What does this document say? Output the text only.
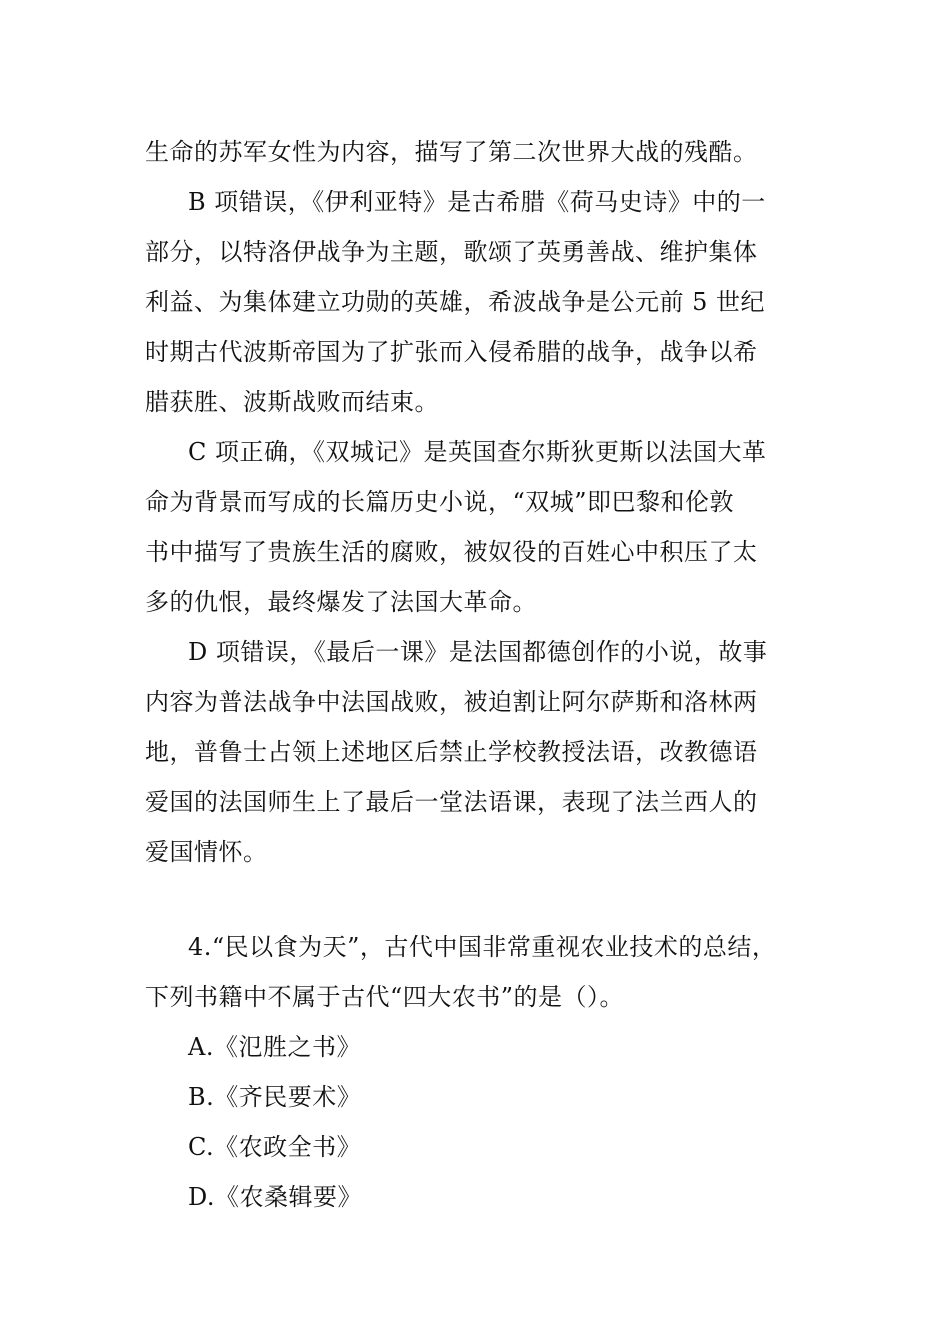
生命的苏军女性为内容，描写了第二次世界大战的残酷。
B 项错误，《伊利亚特》是古希腊《荷马史诗》中的一
部分，以特洛伊战争为主题，歌颂了英勇善战、维护集体
利益、为集体建立功勋的英雄，希波战争是公元前 5 世纪
时期古代波斯帝国为了扩张而入侵希腊的战争，战争以希
腊获胜、波斯战败而结束。
C 项正确，《双城记》是英国查尔斯狄更斯以法国大革
命为背景而写成的长篇历史小说，“双城”即巴黎和伦敦
书中描写了贵族生活的腐败，被奴役的百姓心中积压了太
多的仇恨，最终爆发了法国大革命。
D 项错误，《最后一课》是法国都德创作的小说，故事
内容为普法战争中法国战败，被迫割让阿尔萨斯和洛林两
地，普鲁士占领上述地区后禁止学校教授法语，改教德语
爱国的法国师生上了最后一堂法语课，表现了法兰西人的
爱国情怀。
4.“民以食为天”，古代中国非常重视农业技术的总结，
下列书籍中不属于古代“四大农书”的是（）。
A.《氾胜之书》
B.《齐民要术》
C.《农政全书》
D.《农桑辑要》
